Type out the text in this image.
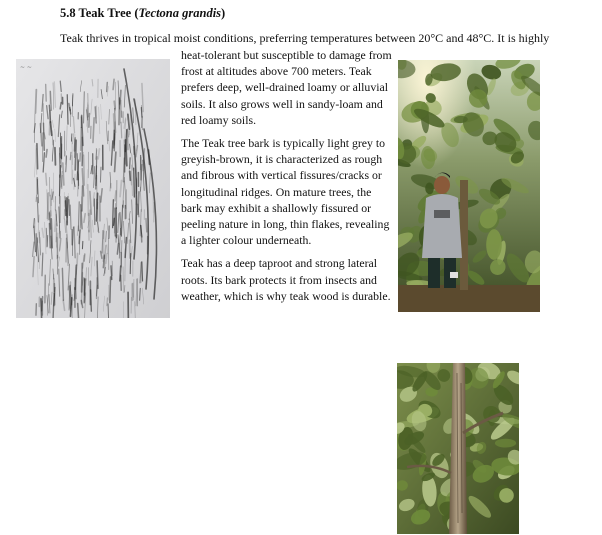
5.8 Teak Tree (Tectona grandis)
Teak thrives in tropical moist conditions, preferring temperatures between 20°C and 48°C. It is highly

heat-tolerant but susceptible to damage from frost at altitudes above 700 meters. Teak prefers deep, well-drained loamy or alluvial soils. It also grows well in sandy-loam and red loamy soils.

The Teak tree bark is typically light grey to greyish-brown, it is characterized as rough and fibrous with vertical fissures/cracks or longitudinal ridges. On mature trees, the bark may exhibit a shallowly fissured or peeling nature in long, thin flakes, revealing a lighter colour underneath.

Teak has a deep taproot and strong lateral roots. Its bark protects it from insects and weather, which is why teak wood is durable.

~ ~
